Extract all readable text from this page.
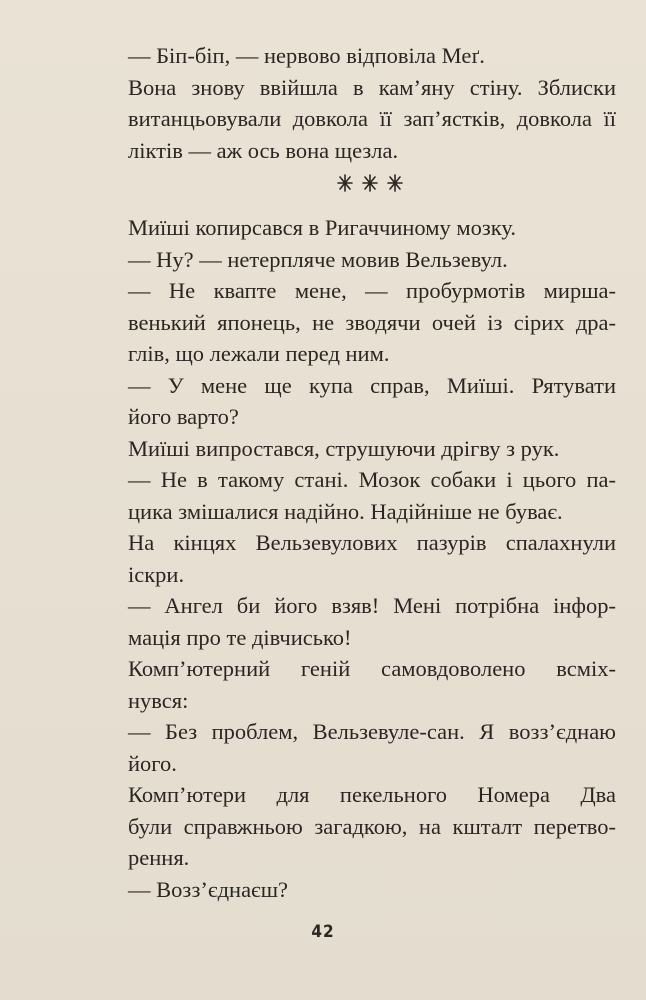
— Біп-біп, — нервово відповіла Меґ.
Вона знову ввійшла в кам’яну стіну. Зблиски
витанцьовували довкола її зап’ястків, довкола її
ліктів — аж ось вона щезла.
Миїші копирсався в Ригаччиному мозку.
— Ну? — нетерпляче мовив Вельзевул.
— Не квапте мене, — пробурмотів мирша-
венький японець, не зводячи очей із сірих дра-
глів, що лежали перед ним.
— У мене ще купа справ, Миїші. Рятувати
його варто?
Миїші випростався, струшуючи дрігву з рук.
— Не в такому стані. Мозок собаки і цього па-
цика змішалися надійно. Надійніше не буває.
На кінцях Вельзевулових пазурів спалахнули
іскри.
— Ангел би його взяв! Мені потрібна інфор-
мація про те дівчисько!
Комп’ютерний геній самовдоволено всміх-
нувся:
— Без проблем, Вельзевуле-сан. Я возз’єднаю
його.
Комп’ютери для пекельного Номера Два
були справжньою загадкою, на кшталт перетво-
рення.
— Возз’єднаєш?
42
